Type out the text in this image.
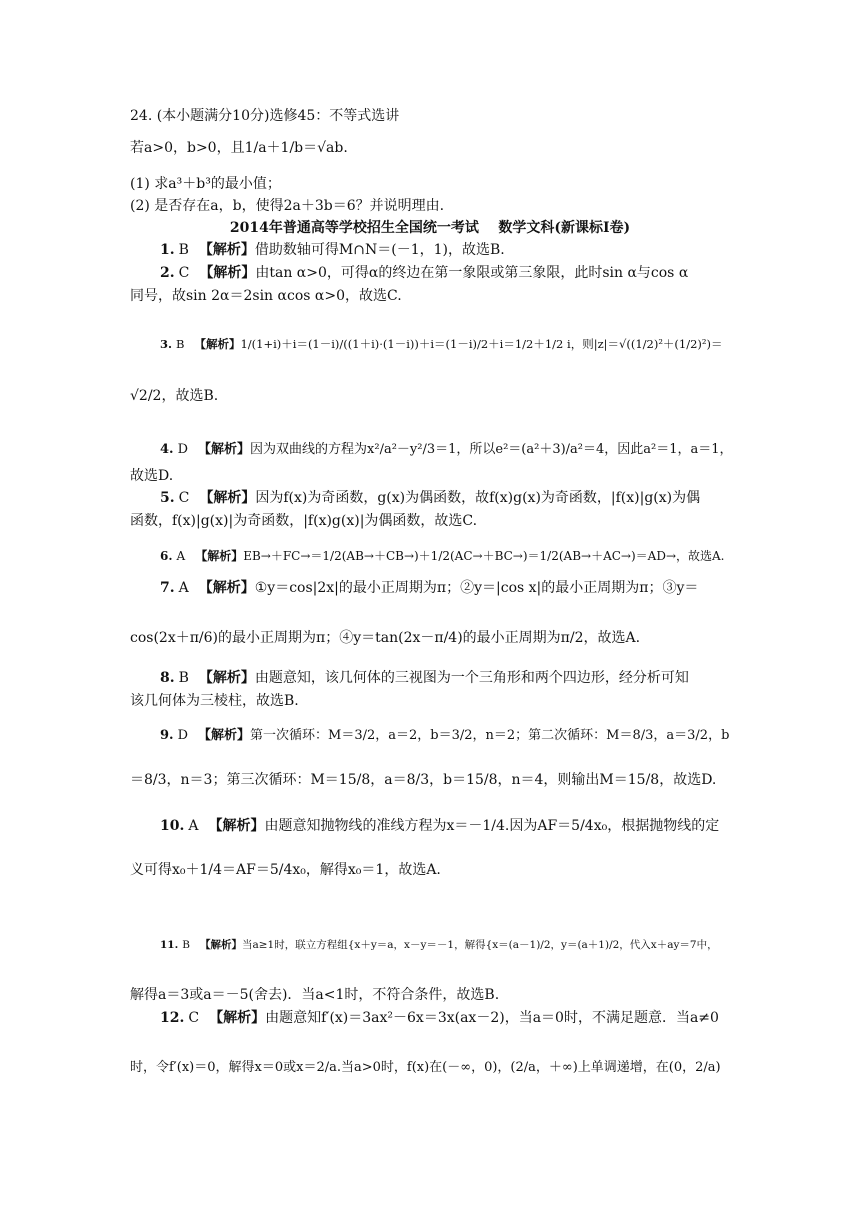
24. (本小题满分10分)选修45：不等式选讲
若a>0，b>0，且1/a＋1/b＝√ab.
(1) 求a³＋b³的最小值；
(2) 是否存在a，b，使得2a＋3b＝6？并说明理由.
2014年普通高等学校招生全国统一考试 数学文科(新课标Ⅰ卷)
1. B 【解析】借助数轴可得M∩N＝(－1，1)，故选B.
2. C 【解析】由tan α>0，可得α的终边在第一象限或第三象限，此时sin α与cos α
同号，故sin 2α＝2sin αcos α>0，故选C.
3. B 【解析】1/(1+i)＋i＝(1－i)/((1＋i)·(1－i))＋i＝(1－i)/2＋i＝1/2＋1/2 i，则|z|＝√((1/2)²＋(1/2)²)＝
√2/2，故选B.
4. D 【解析】因为双曲线的方程为x²/a²－y²/3＝1，所以e²＝(a²＋3)/a²＝4，因此a²＝1，a＝1，
故选D.
5. C 【解析】因为f(x)为奇函数，g(x)为偶函数，故f(x)g(x)为奇函数，|f(x)|g(x)为偶
函数，f(x)|g(x)|为奇函数，|f(x)g(x)|为偶函数，故选C.
6. A 【解析】EB→＋FC→＝1/2(AB→＋CB→)＋1/2(AC→＋BC→)＝1/2(AB→＋AC→)＝AD→，故选A.
7. A 【解析】①y＝cos|2x|的最小正周期为π；②y＝|cos x|的最小正周期为π；③y＝
cos(2x＋π/6)的最小正周期为π；④y＝tan(2x－π/4)的最小正周期为π/2，故选A.
8. B 【解析】由题意知，该几何体的三视图为一个三角形和两个四边形，经分析可知
该几何体为三棱柱，故选B.
9. D 【解析】第一次循环：M＝3/2，a＝2，b＝3/2，n＝2；第二次循环：M＝8/3，a＝3/2，b
＝8/3，n＝3；第三次循环：M＝15/8，a＝8/3，b＝15/8，n＝4，则输出M＝15/8，故选D.
10. A 【解析】由题意知抛物线的准线方程为x＝－1/4.因为AF＝5/4x₀，根据抛物线的定
义可得x₀＋1/4＝AF＝5/4x₀，解得x₀＝1，故选A.
11. B 【解析】当a≥1时，联立方程组{x＋y＝a，x－y＝－1，解得{x＝(a－1)/2，y＝(a＋1)/2，代入x＋ay＝7中，
解得a＝3或a＝－5(舍去)．当a<1时，不符合条件，故选B.
12. C 【解析】由题意知f′(x)＝3ax²－6x＝3x(ax－2)，当a＝0时，不满足题意．当a≠0
时，令f′(x)＝0，解得x＝0或x＝2/a.当a>0时，f(x)在(－∞，0)，(2/a，＋∞)上单调递增，在(0，2/a)
